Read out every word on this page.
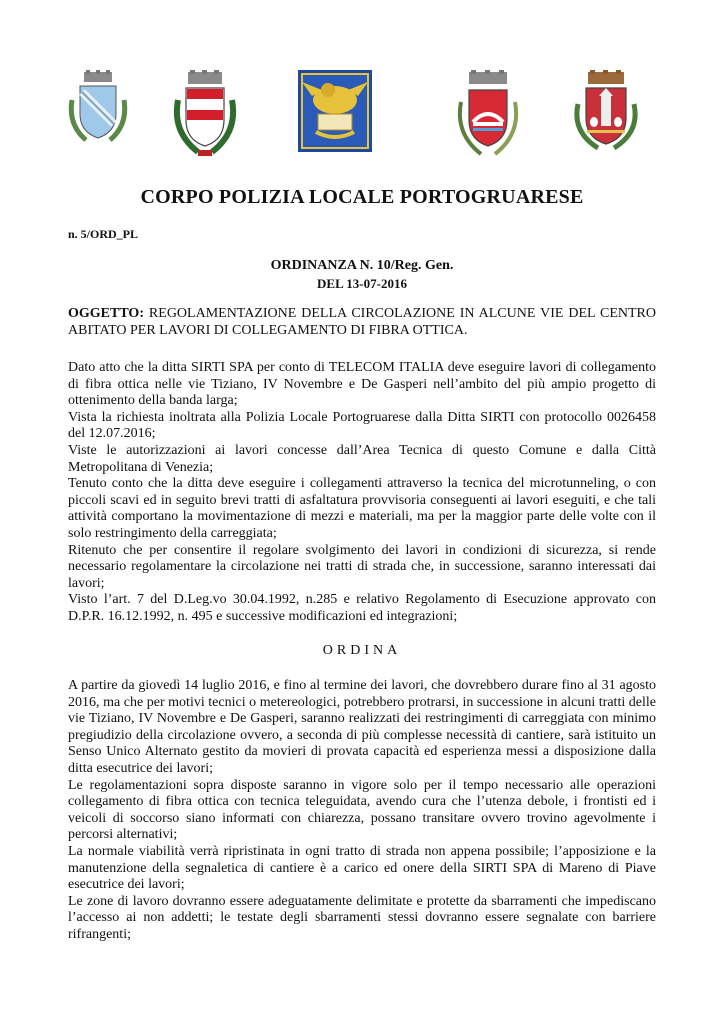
CORPO POLIZIA LOCALE PORTOGRUARESE
n. 5/ORD_PL
ORDINANZA N. 10/Reg. Gen.
DEL 13-07-2016
OGGETTO: REGOLAMENTAZIONE DELLA CIRCOLAZIONE IN ALCUNE VIE DEL CENTRO ABITATO PER LAVORI DI COLLEGAMENTO DI FIBRA OTTICA.

Dato atto che la ditta SIRTI SPA per conto di TELECOM ITALIA deve eseguire lavori di collegamento di fibra ottica nelle vie Tiziano, IV Novembre e De Gasperi nell’ambito del più ampio progetto di ottenimento della banda larga;

Vista la richiesta inoltrata alla Polizia Locale Portogruarese dalla Ditta SIRTI con protocollo 0026458 del 12.07.2016;

Viste le autorizzazioni ai lavori concesse dall’Area Tecnica di questo Comune e dalla Città Metropolitana di Venezia;

Tenuto conto che la ditta deve eseguire i collegamenti attraverso la tecnica del microtunneling, o con piccoli scavi ed in seguito brevi tratti di asfaltatura provvisoria conseguenti ai lavori eseguiti, e che tali attività comportano la movimentazione di mezzi e materiali, ma per la maggior parte delle volte con il solo restringimento della carreggiata;

Ritenuto che per consentire il regolare svolgimento dei lavori in condizioni di sicurezza, si rende necessario regolamentare la circolazione nei tratti di strada che, in successione, saranno interessati dai lavori;

Visto l’art. 7 del D.Leg.vo 30.04.1992, n.285 e relativo Regolamento di Esecuzione approvato con D.P.R. 16.12.1992, n. 495 e successive modificazioni ed integrazioni;

ORDINA

A partire da giovedì 14 luglio 2016, e fino al termine dei lavori, che dovrebbero durare fino al 31 agosto 2016, ma che per motivi tecnici o metereologici, potrebbero protrarsi, in successione in alcuni tratti delle vie Tiziano, IV Novembre e De Gasperi, saranno realizzati dei restringimenti di carreggiata con minimo pregiudizio della circolazione ovvero, a seconda di più complesse necessità di cantiere, sarà istituito un Senso Unico Alternato gestito da movieri di provata capacità ed esperienza messi a disposizione dalla ditta esecutrice dei lavori;

Le regolamentazioni sopra disposte saranno in vigore solo per il tempo necessario alle operazioni collegamento di fibra ottica con tecnica teleguidata, avendo cura che l’utenza debole, i frontisti ed i veicoli di soccorso siano informati con chiarezza, possano transitare ovvero trovino agevolmente i percorsi alternativi;

La normale viabilità verrà ripristinata in ogni tratto di strada non appena possibile; l’apposizione e la manutenzione della segnaletica di cantiere è a carico ed onere della SIRTI SPA di Mareno di Piave esecutrice dei lavori;

Le zone di lavoro dovranno essere adeguatamente delimitate e protette da sbarramenti che impediscano l’accesso ai non addetti; le testate degli sbarramenti stessi dovranno essere segnalate con barriere rifrangenti;
